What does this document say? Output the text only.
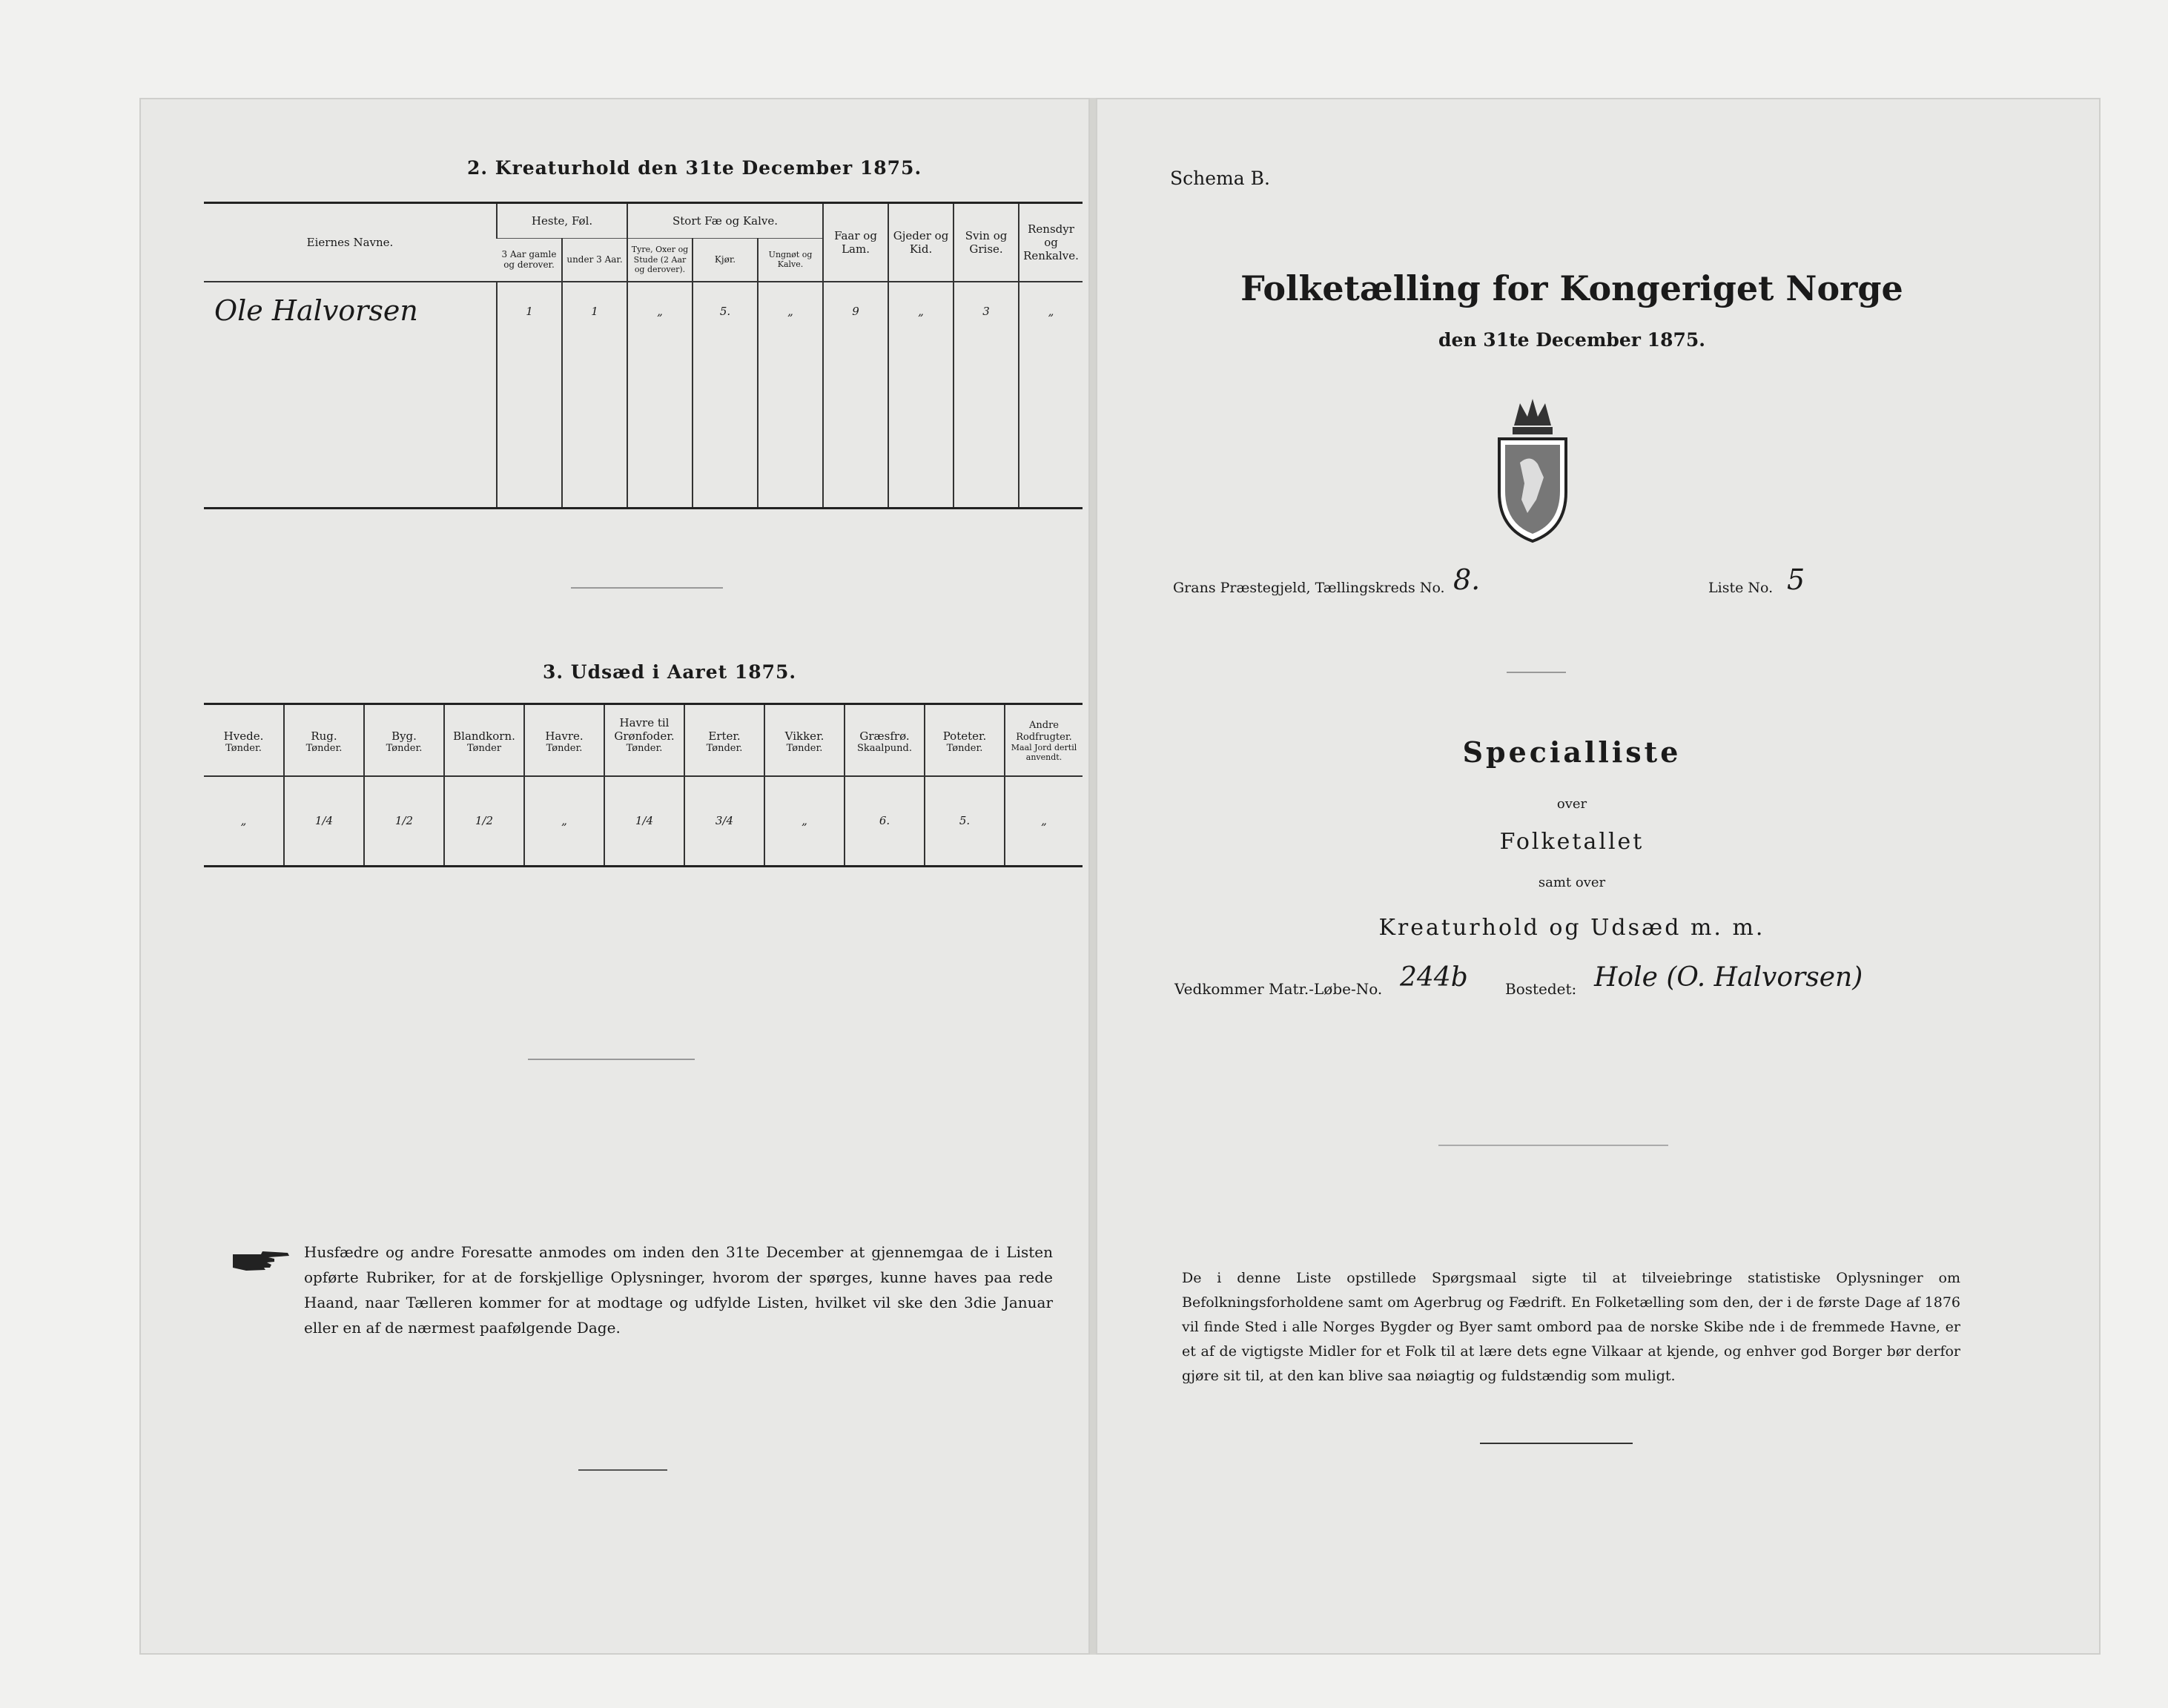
2. Kreaturhold den 31te December 1875.
Eiernes Navne.	Heste, Føl.		Stort Fæ og Kalve.			Faar og Lam.	Gjeder og Kid.	Svin og Grise.	Rensdyr og Renkalve.
	3 Aar gamle og derover.	under 3 Aar.	Tyre, Oxer og Stude (2 Aar og derover).	Kjør.	Ungnøt og Kalve.				
Ole Halvorsen	1	1	„	5.	„	9	„	3	„

3. Udsæd i Aaret 1875.
Hvede.	Rug.	Byg.	Blandkorn.	Havre.	Havre til Grønfoder.	Erter.	Vikker.	Græsfrø.	Poteter.	Andre Rodfrugter.
Tønder.	Tønder.	Tønder.	Tønder	Tønder.	Tønder.	Tønder.	Tønder.	Skaalpund.	Tønder.	Maal Jord dertil anvendt.
„	1/4	1/2	1/2	„	1/4	3/4	„	6.	5.	„
Husfædre og andre Foresatte anmodes om inden den 31te December at gjennemgaa de i Listen opførte Rubriker, for at de forskjellige Oplysninger, hvorom der spørges, kunne haves paa rede Haand, naar Tælleren kommer for at modtage og udfylde Listen, hvilket vil ske den 3die Januar eller en af de nærmest paafølgende Dage.
Schema B.
Folketælling for Kongeriget Norge
den 31te December 1875.
Grans Præstegjeld, Tællingskreds No. 8.	Liste No. 5
Specialliste
over
Folketallet
samt over
Kreaturhold og Udsæd m. m.
Vedkommer Matr.-Løbe-No. 244b	Bostedet: Hole (O. Halvorsen)
De i denne Liste opstillede Spørgsmaal sigte til at tilveiebringe statistiske Oplysninger om Befolkningsforholdene samt om Agerbrug og Fædrift. En Folketælling som den, der i de første Dage af 1876 vil finde Sted i alle Norges Bygder og Byer samt ombord paa de norske Skibe nde i de fremmede Havne, er et af de vigtigste Midler for et Folk til at lære dets egne Vilkaar at kjende, og enhver god Borger bør derfor gjøre sit til, at den kan blive saa nøiagtig og fuldstændig som muligt.
